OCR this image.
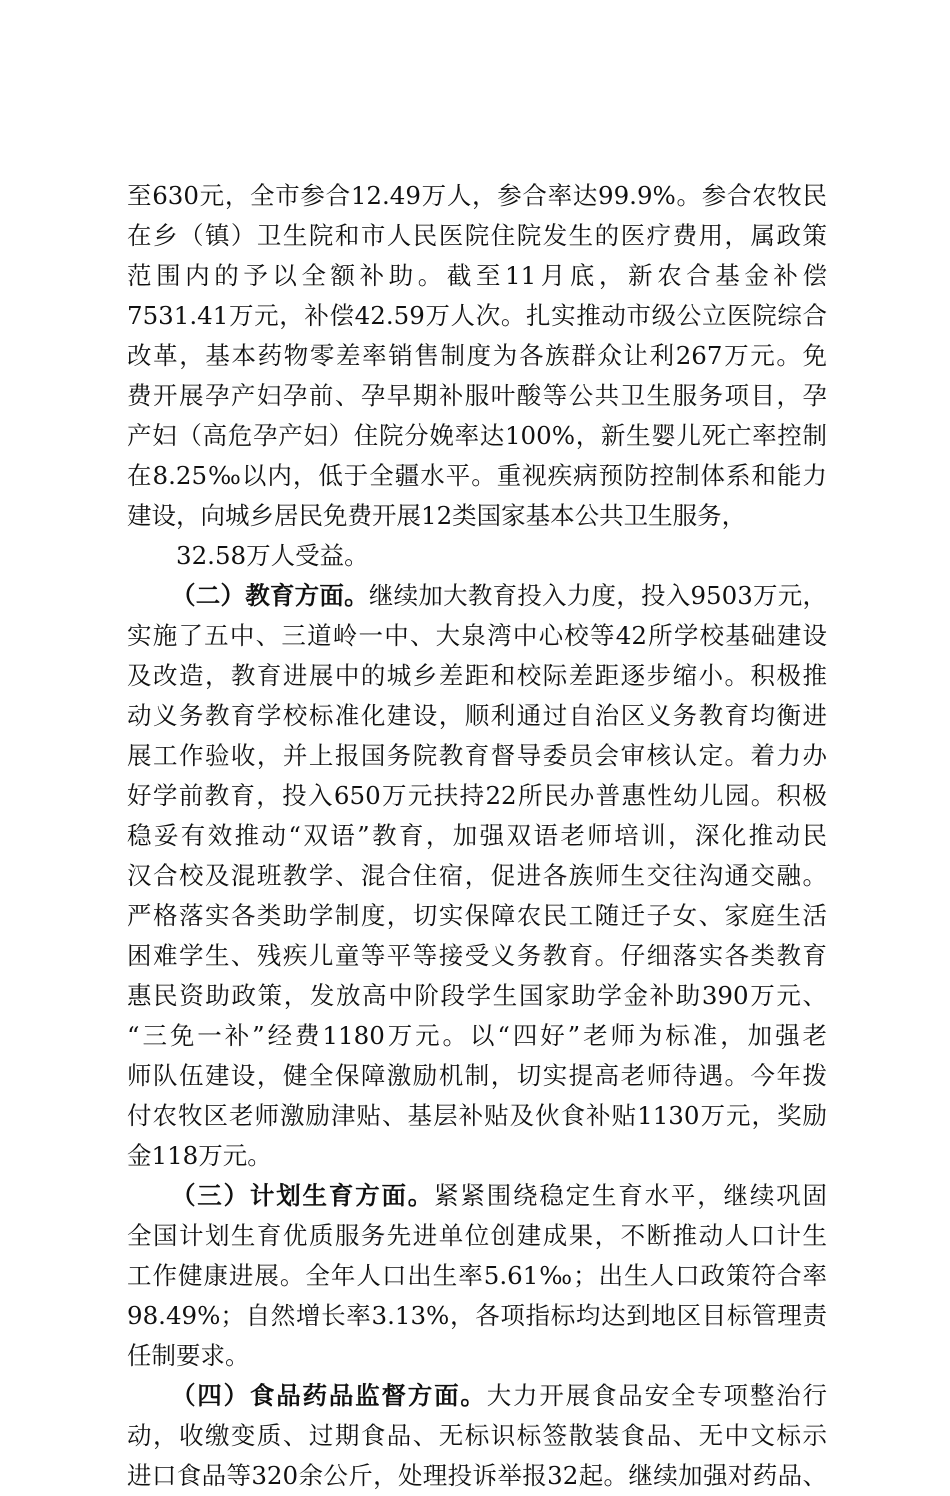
至630元，全市参合12.49万人，参合率达99.9%。参合农牧民
在乡（镇）卫生院和市人民医院住院发生的医疗费用，属政策
范围内的予以全额补助。截至11月底，新农合基金补偿
7531.41万元，补偿42.59万人次。扎实推动市级公立医院综合
改革，基本药物零差率销售制度为各族群众让利267万元。免
费开展孕产妇孕前、孕早期补服叶酸等公共卫生服务项目，孕
产妇（高危孕产妇）住院分娩率达100%，新生婴儿死亡率控制
在8.25‰以内，低于全疆水平。重视疾病预防控制体系和能力
建设，向城乡居民免费开展12类国家基本公共卫生服务，
32.58万人受益。
（二）教育方面。继续加大教育投入力度，投入9503万元，
实施了五中、三道岭一中、大泉湾中心校等42所学校基础建设
及改造，教育进展中的城乡差距和校际差距逐步缩小。积极推
动义务教育学校标准化建设，顺利通过自治区义务教育均衡进
展工作验收，并上报国务院教育督导委员会审核认定。着力办
好学前教育，投入650万元扶持22所民办普惠性幼儿园。积极
稳妥有效推动“双语”教育，加强双语老师培训，深化推动民
汉合校及混班教学、混合住宿，促进各族师生交往沟通交融。
严格落实各类助学制度，切实保障农民工随迁子女、家庭生活
困难学生、残疾儿童等平等接受义务教育。仔细落实各类教育
惠民资助政策，发放高中阶段学生国家助学金补助390万元、
“三免一补”经费1180万元。以“四好”老师为标准，加强老
师队伍建设，健全保障激励机制，切实提高老师待遇。今年拨
付农牧区老师激励津贴、基层补贴及伙食补贴1130万元，奖励
金118万元。
（三）计划生育方面。紧紧围绕稳定生育水平，继续巩固
全国计划生育优质服务先进单位创建成果，不断推动人口计生
工作健康进展。全年人口出生率5.61‰；出生人口政策符合率
98.49%；自然增长率3.13%，各项指标均达到地区目标管理责
任制要求。
（四）食品药品监督方面。大力开展食品安全专项整治行
动，收缴变质、过期食品、无标识标签散装食品、无中文标示
进口食品等320余公斤，处理投诉举报32起。继续加强对药品、
